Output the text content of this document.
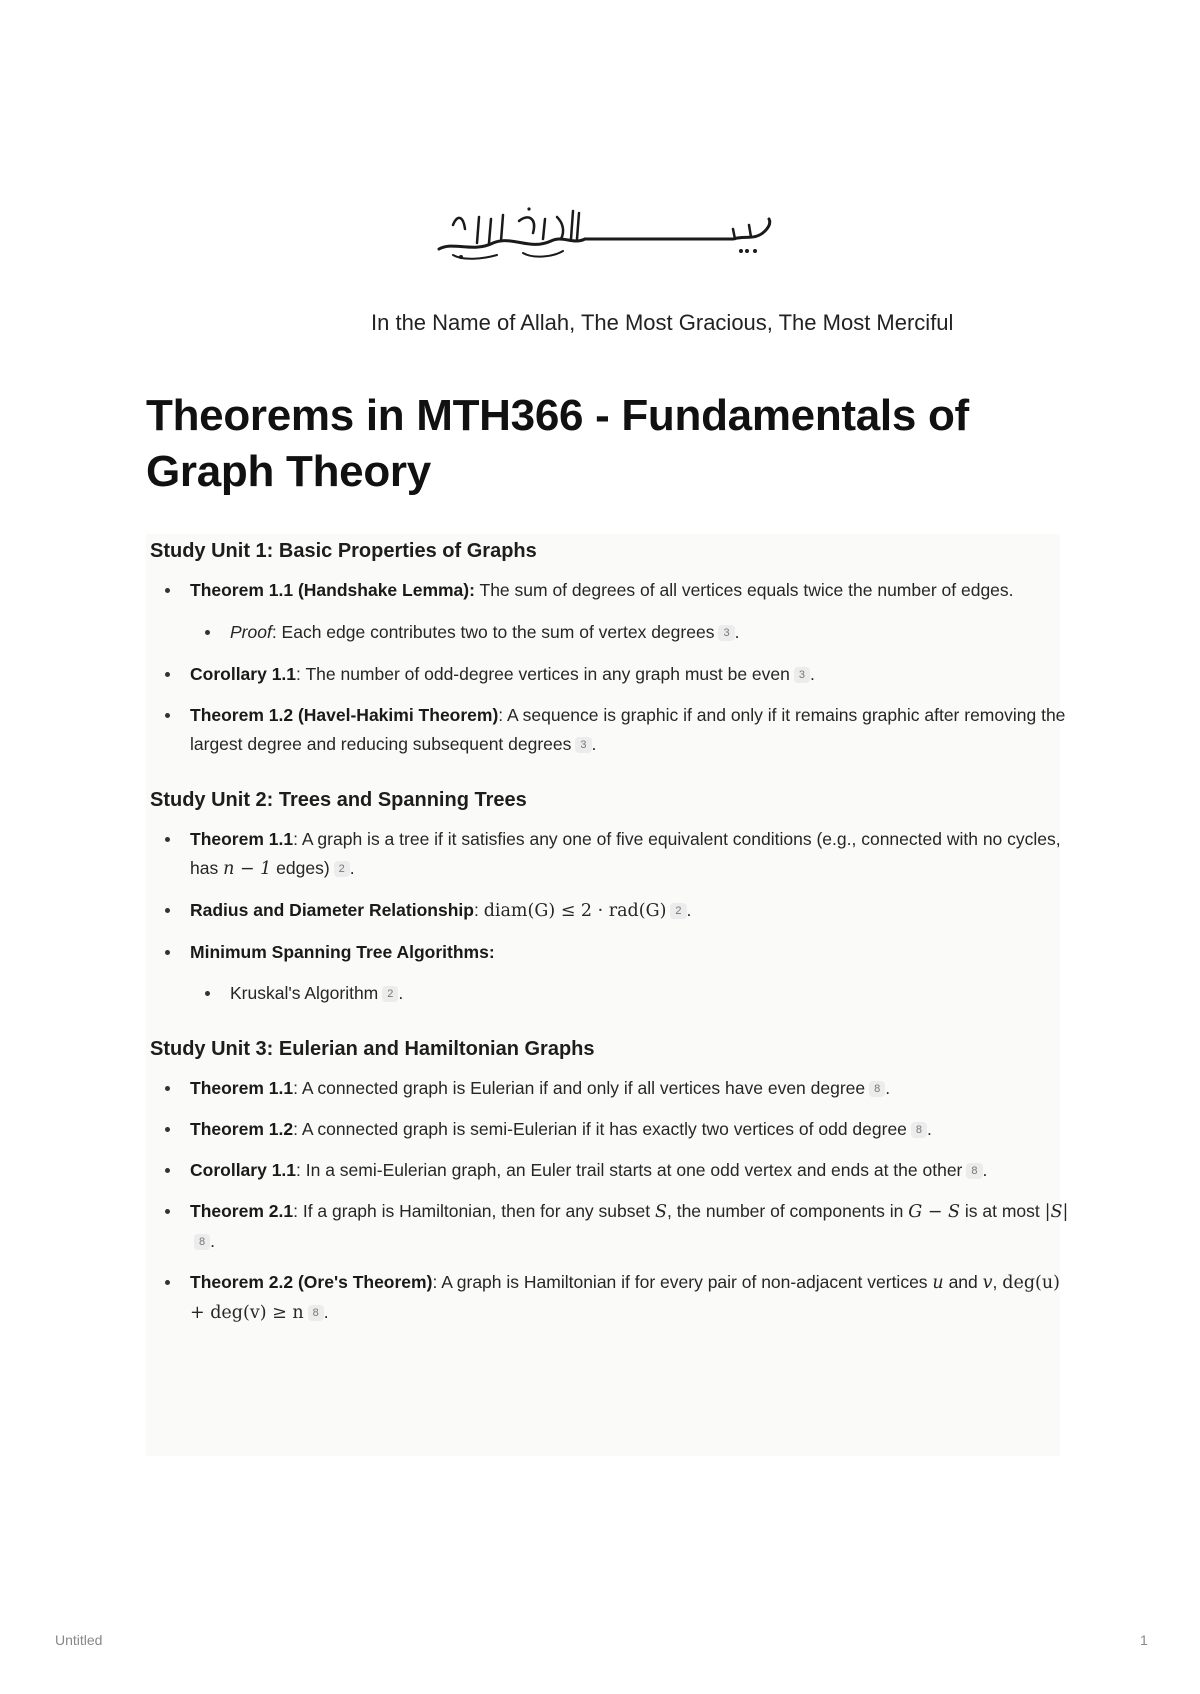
In the Name of Allah, The Most Gracious, The Most Merciful
Theorems in MTH366 - Fundamentals of Graph Theory
Study Unit 1: Basic Properties of Graphs
Theorem 1.1 (Handshake Lemma): The sum of degrees of all vertices equals twice the number of edges.
Proof: Each edge contributes two to the sum of vertex degrees 3 .
Corollary 1.1: The number of odd-degree vertices in any graph must be even 3 .
Theorem 1.2 (Havel-Hakimi Theorem): A sequence is graphic if and only if it remains graphic after removing the largest degree and reducing subsequent degrees 3 .
Study Unit 2: Trees and Spanning Trees
Theorem 1.1: A graph is a tree if it satisfies any one of five equivalent conditions (e.g., connected with no cycles, has n − 1 edges) 2 .
Radius and Diameter Relationship: diam(G) ≤ 2 · rad(G) 2 .
Minimum Spanning Tree Algorithms:
Kruskal's Algorithm 2 .
Study Unit 3: Eulerian and Hamiltonian Graphs
Theorem 1.1: A connected graph is Eulerian if and only if all vertices have even degree 8 .
Theorem 1.2: A connected graph is semi-Eulerian if it has exactly two vertices of odd degree 8 .
Corollary 1.1: In a semi-Eulerian graph, an Euler trail starts at one odd vertex and ends at the other 8 .
Theorem 2.1: If a graph is Hamiltonian, then for any subset S, the number of components in G − S is at most |S|8 .
Theorem 2.2 (Ore's Theorem): A graph is Hamiltonian if for every pair of non-adjacent vertices u and v, deg(u) + deg(v) ≥ n 8 .
Untitled	1
